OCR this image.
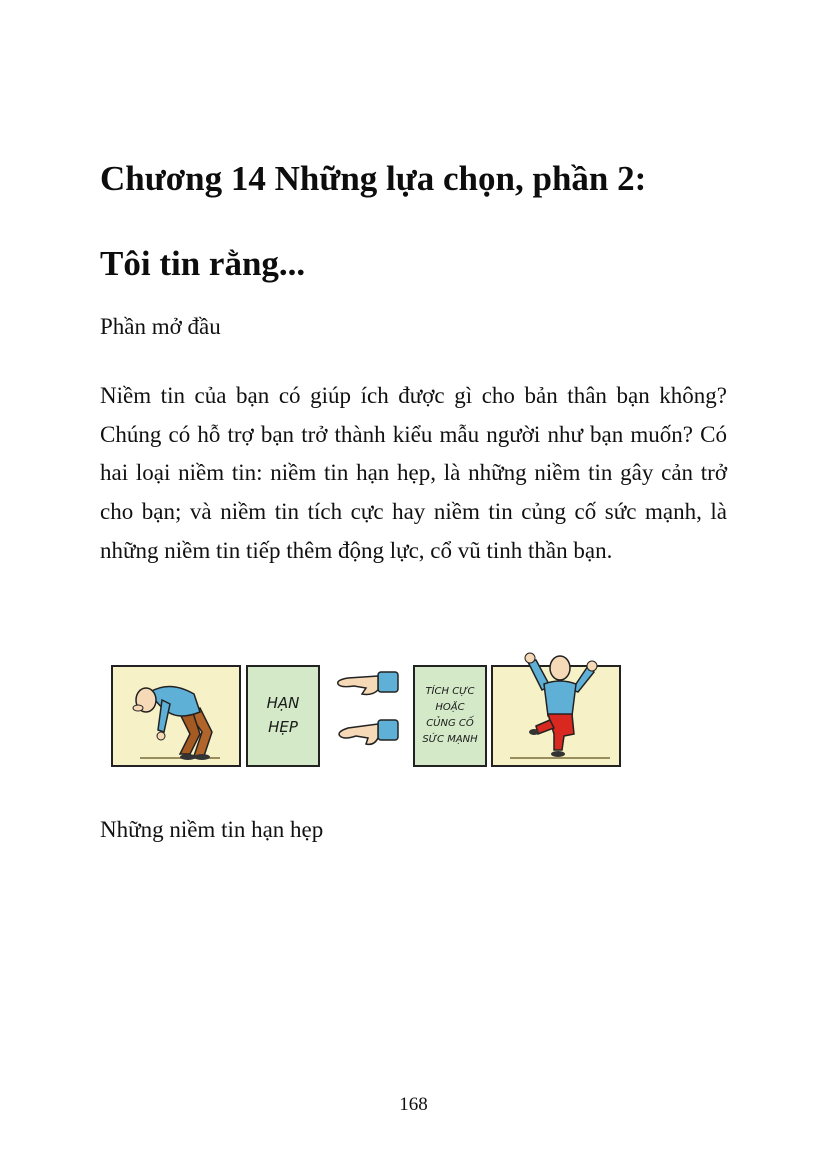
Chương 14 Những lựa chọn, phần 2:
Tôi tin rằng...
Phần mở đầu

Niềm tin của bạn có giúp ích được gì cho bản thân bạn không? Chúng có hỗ trợ bạn trở thành kiểu mẫu người như bạn muốn? Có hai loại niềm tin: niềm tin hạn hẹp, là những niềm tin gây cản trở cho bạn; và niềm tin tích cực hay niềm tin củng cố sức mạnh, là những niềm tin tiếp thêm động lực, cổ vũ tinh thần bạn.

HẠN
HẸP
TÍCH CỰC
HOẶC
CỦNG CỐ
SỨC MẠNH
Những niềm tin hạn hẹp
168
